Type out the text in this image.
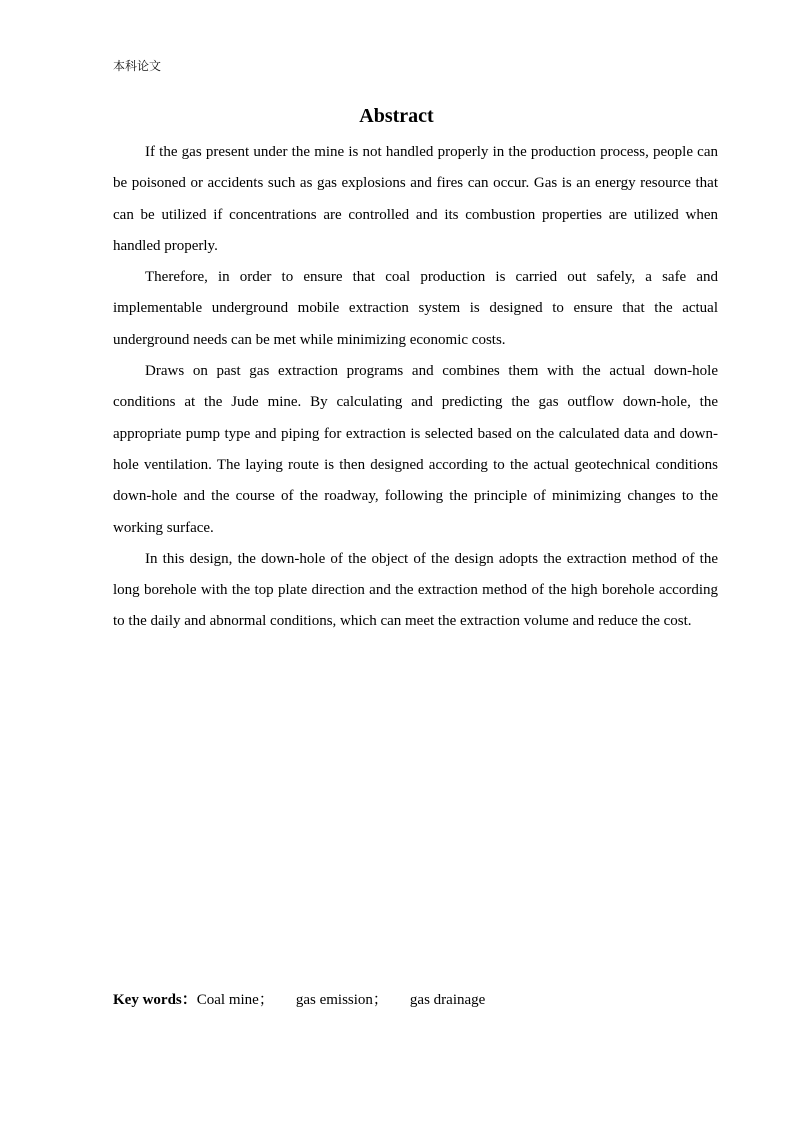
本科论文
Abstract

If the gas present under the mine is not handled properly in the production process, people can be poisoned or accidents such as gas explosions and fires can occur. Gas is an energy resource that can be utilized if concentrations are controlled and its combustion properties are utilized when handled properly.

Therefore, in order to ensure that coal production is carried out safely, a safe and implementable underground mobile extraction system is designed to ensure that the actual underground needs can be met while minimizing economic costs.

Draws on past gas extraction programs and combines them with the actual down-hole conditions at the Jude mine. By calculating and predicting the gas outflow down-hole, the appropriate pump type and piping for extraction is selected based on the calculated data and down-hole ventilation. The laying route is then designed according to the actual geotechnical conditions down-hole and the course of the roadway, following the principle of minimizing changes to the working surface.

In this design, the down-hole of the object of the design adopts the extraction method of the long borehole with the top plate direction and the extraction method of the high borehole according to the daily and abnormal conditions, which can meet the extraction volume and reduce the cost.

Key words：Coal mine； gas emission； gas drainage
